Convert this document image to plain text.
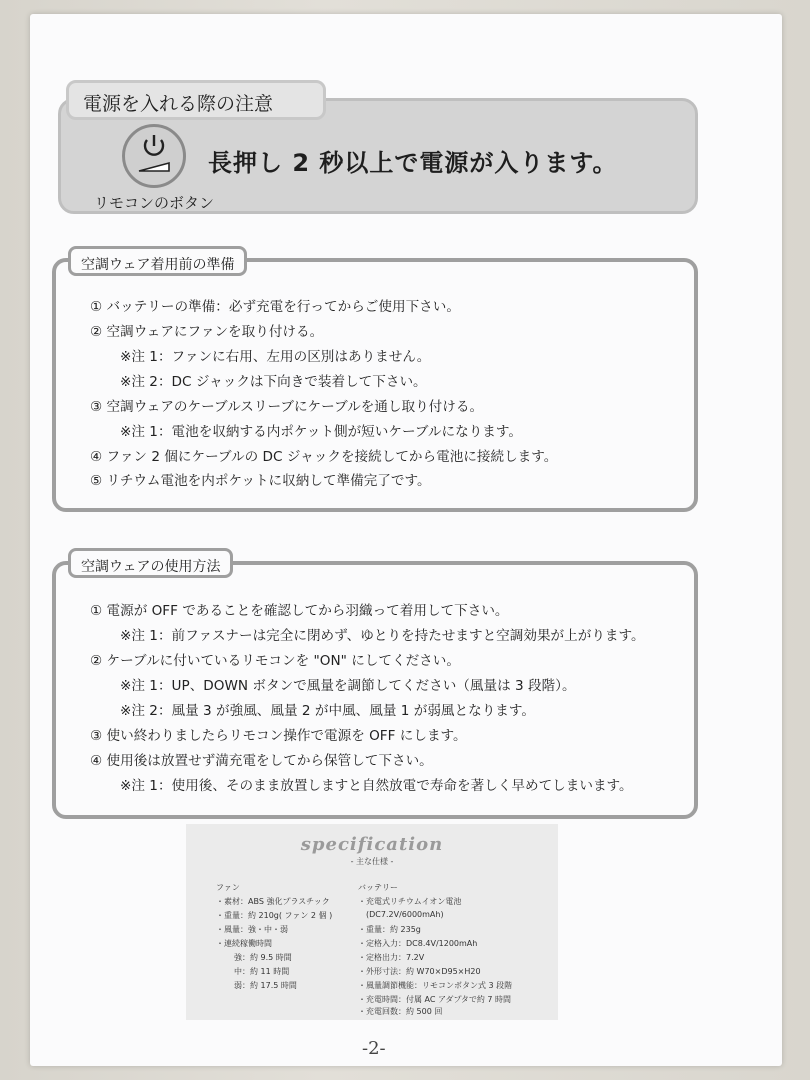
電源を入れる際の注意
リモコンのボタン
長押し 2 秒以上で電源が入ります。
空調ウェア着用前の準備
① バッテリーの準備：必ず充電を行ってからご使用下さい。
② 空調ウェアにファンを取り付ける。
※注 1：ファンに右用、左用の区別はありません。
※注 2：DC ジャックは下向きで装着して下さい。
③ 空調ウェアのケーブルスリーブにケーブルを通し取り付ける。
※注 1：電池を収納する内ポケット側が短いケーブルになります。
④ ファン 2 個にケーブルの DC ジャックを接続してから電池に接続します。
⑤ リチウム電池を内ポケットに収納して準備完了です。
空調ウェアの使用方法
① 電源が OFF であることを確認してから羽織って着用して下さい。
※注 1：前ファスナーは完全に閉めず、ゆとりを持たせますと空調効果が上がります。
② ケーブルに付いているリモコンを "ON" にしてください。
※注 1：UP、DOWN ボタンで風量を調節してください（風量は 3 段階）。
※注 2：風量 3 が強風、風量 2 が中風、風量 1 が弱風となります。
③ 使い終わりましたらリモコン操作で電源を OFF にします。
④ 使用後は放置せず満充電をしてから保管して下さい。
※注 1：使用後、そのまま放置しますと自然放電で寿命を著しく早めてしまいます。
specification
- 主な仕様 -
ファン
・素材：ABS 強化プラスチック
・重量：約 210g( ファン 2 個 )
・風量：強・中・弱
・連続稼働時間
強：約 9.5 時間
中：約 11 時間
弱：約 17.5 時間
バッテリー
・充電式リチウムイオン電池
(DC7.2V/6000mAh)
・重量：約 235g
・定格入力：DC8.4V/1200mAh
・定格出力：7.2V
・外形寸法：約 W70×D95×H20
・風量調節機能：リモコンボタン式 3 段階
・充電時間：付属 AC アダプタで約 7 時間
・充電回数：約 500 回
-2-
